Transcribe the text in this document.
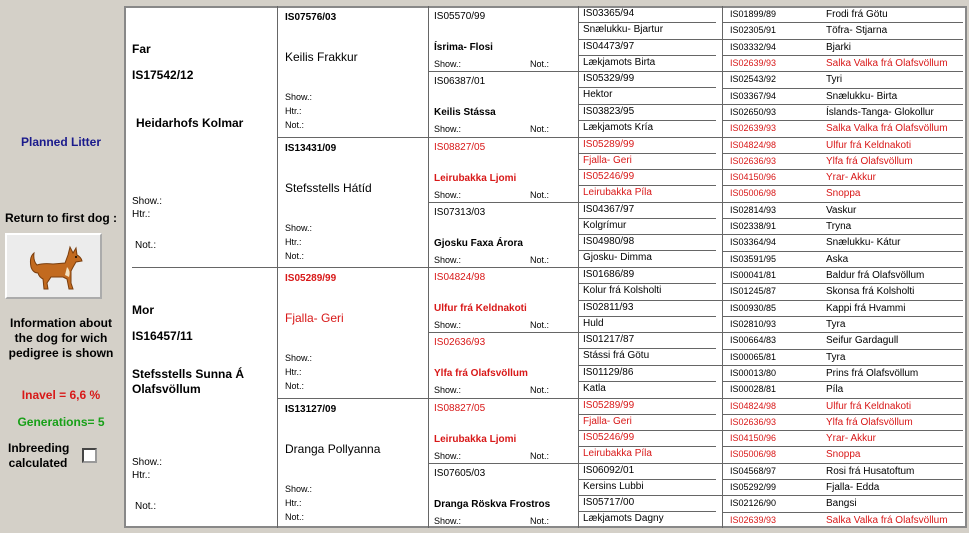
Planned Litter
Return to first dog :
Information about the dog for wich pedigree is shown
Inavel = 6,6 %
Generations= 5
Inbreeding calculated
Far
IS17542/12
Heidarhofs Kolmar
Show.:
Htr.:
Not.:
Mor
IS16457/11
Stefsstells Sunna Á Olafsvöllum
Show.:
Htr.:
Not.:
IS07576/03
Keilis Frakkur
Show.:
Htr.:
Not.:
IS13431/09
Stefsstells Hátíd
Show.:
Htr.:
Not.:
IS05289/99
Fjalla- Geri
Show.:
Htr.:
Not.:
IS13127/09
Dranga Pollyanna
Show.:
Htr.:
Not.:
IS05570/99
Ísrima- Flosi
Show.:	Not.:
IS06387/01
Keilis Stássa
Show.:	Not.:
IS08827/05
Leirubakka Ljomi
Show.:	Not.:
IS07313/03
Gjosku Faxa Árora
Show.:	Not.:
IS04824/98
Ulfur frá Keldnakoti
Show.:	Not.:
IS02636/93
Ylfa frá Olafsvöllum
Show.:	Not.:
IS08827/05
Leirubakka Ljomi
Show.:	Not.:
IS07605/03
Dranga Röskva Frostros
Show.:	Not.:
IS03365/94
Snælukku- Bjartur
IS04473/97
Lækjamots Birta
IS05329/99
Hektor
IS03823/95
Lækjamots Kría
IS05289/99
Fjalla- Geri
IS05246/99
Leirubakka Píla
IS04367/97
Kolgrímur
IS04980/98
Gjosku- Dimma
IS01686/89
Kolur frá Kolsholti
IS02811/93
Huld
IS01217/87
Stássi frá Götu
IS01129/86
Katla
IS05289/99
Fjalla- Geri
IS05246/99
Leirubakka Píla
IS06092/01
Kersins Lubbi
IS05717/00
Lækjamots Dagny
IS01899/89	Frodi frá Götu
IS02305/91	Töfra- Stjarna
IS03332/94	Bjarki
IS02639/93	Salka Valka frá Olafsvöllum
IS02543/92	Tyri
IS03367/94	Snælukku- Birta
IS02650/93	Íslands-Tanga- Glokollur
IS02639/93	Salka Valka frá Olafsvöllum
IS04824/98	Ulfur frá Keldnakoti
IS02636/93	Ylfa frá Olafsvöllum
IS04150/96	Yrar- Akkur
IS05006/98	Snoppa
IS02814/93	Vaskur
IS02338/91	Tryna
IS03364/94	Snælukku- Kátur
IS03591/95	Aska
IS00041/81	Baldur frá Olafsvöllum
IS01245/87	Skonsa frá Kolsholti
IS00930/85	Kappi frá Hvammi
IS02810/93	Tyra
IS00664/83	Seifur Gardagull
IS00065/81	Tyra
IS00013/80	Prins frá Olafsvöllum
IS00028/81	Píla
IS04824/98	Ulfur frá Keldnakoti
IS02636/93	Ylfa frá Olafsvöllum
IS04150/96	Yrar- Akkur
IS05006/98	Snoppa
IS04568/97	Rosi frá Husatoftum
IS05292/99	Fjalla- Edda
IS02126/90	Bangsi
IS02639/93	Salka Valka frá Olafsvöllum
